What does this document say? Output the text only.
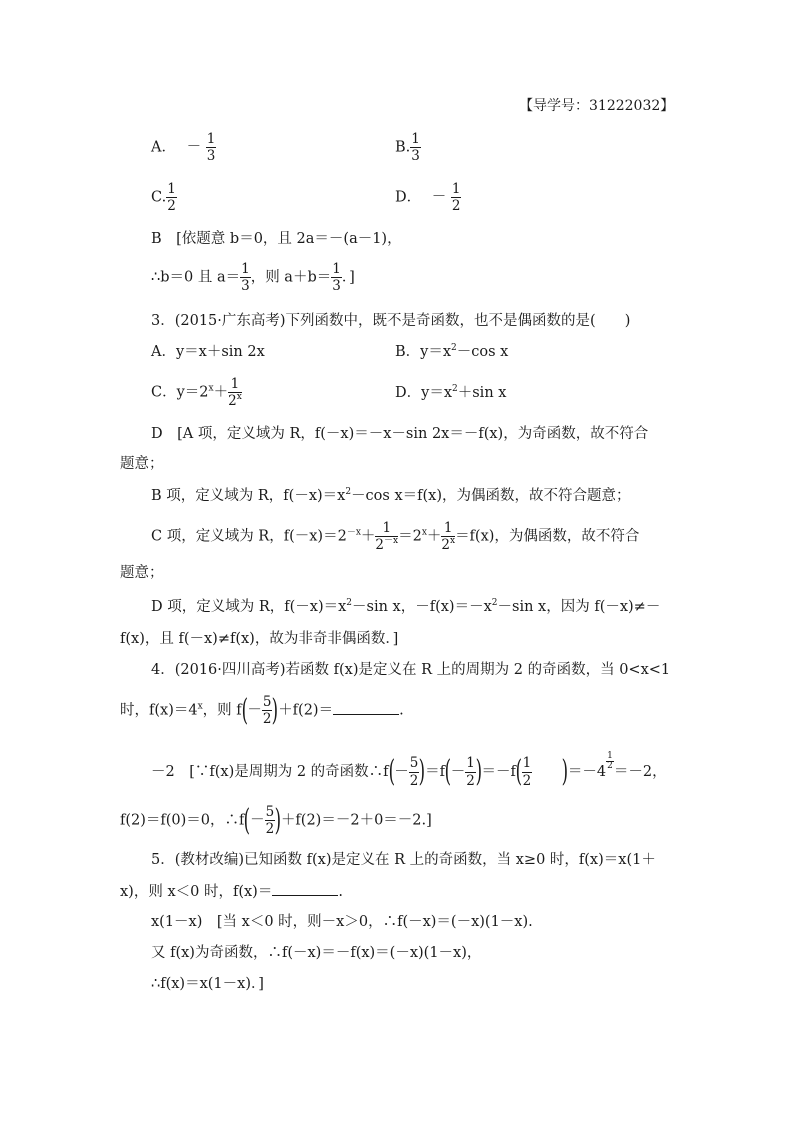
【导学号：31222032】
A． － $\frac{1}{3}$	B. $\frac{1}{3}$
C. $\frac{1}{2}$	D． － $\frac{1}{2}$
B　[依题意 b＝0，且 2a＝－(a－1)，
∴b＝0 且 $a= \frac{1}{3}$ ，则 $a+b= \frac{1}{3}$ ．]
3．(2015·广东高考)下列函数中，既不是奇函数，也不是偶函数的是(　　)
A．y＝x＋sin 2x	B．$y=x^2-\cos$ x
C．$y=2^x+ \frac{1}{2^x}$	D．$y=x^2+\sin$ x
D　[A 项，定义域为 R，f(－x)＝－x－sin 2x＝－f(x)，为奇函数，故不符合
题意；
B 项，定义域为 R，$f(-x)=x^2-\cos$ x＝f(x)，为偶函数，故不符合题意；
C 项，定义域为 R，$f(-x)=2^{-x}+ \frac{1}{2^{-x}} =2^x+ \frac{1}{2^x} =f(x)$，为偶函数，故不符合
题意；
D 项，定义域为 R，$f(-x)=x^2-\sin$ x，$-f(x)=-x^2-\sin$ x，因为 f(－x)≠－
f(x)，且 f(－x)≠f(x)，故为非奇非偶函数．]
4．(2016·四川高考)若函数 f(x)是定义在 R 上的周期为 2 的奇函数，当 0<x<1
时，$f(x)=4^x$，则 $f(- \frac{5}{2} )+f(2)=$	.
－2　[∵f(x)是周期为 2 的奇函数∴f(－ $\frac{5}{2} )=f(- \frac{1}{2} )=-f( \frac{1}{2} )=-4$
$\frac{1}{2}$
＝－2，
f(2)＝f(0)＝0，∴f(－ $\frac{5}{2} )+f(2)=-2+0=-2$.]
5．(教材改编)已知函数 f(x)是定义在 R 上的奇函数，当 x≥0 时，f(x)＝x(1＋
x)，则 x＜0 时，f(x)＝	.
x(1－x)　[当 x＜0 时，则－x＞0，∴f(－x)＝(－x)(1－x).
又 f(x)为奇函数，∴f(－x)＝－f(x)＝(－x)(1－x)，
∴f(x)＝x(1－x)．]
